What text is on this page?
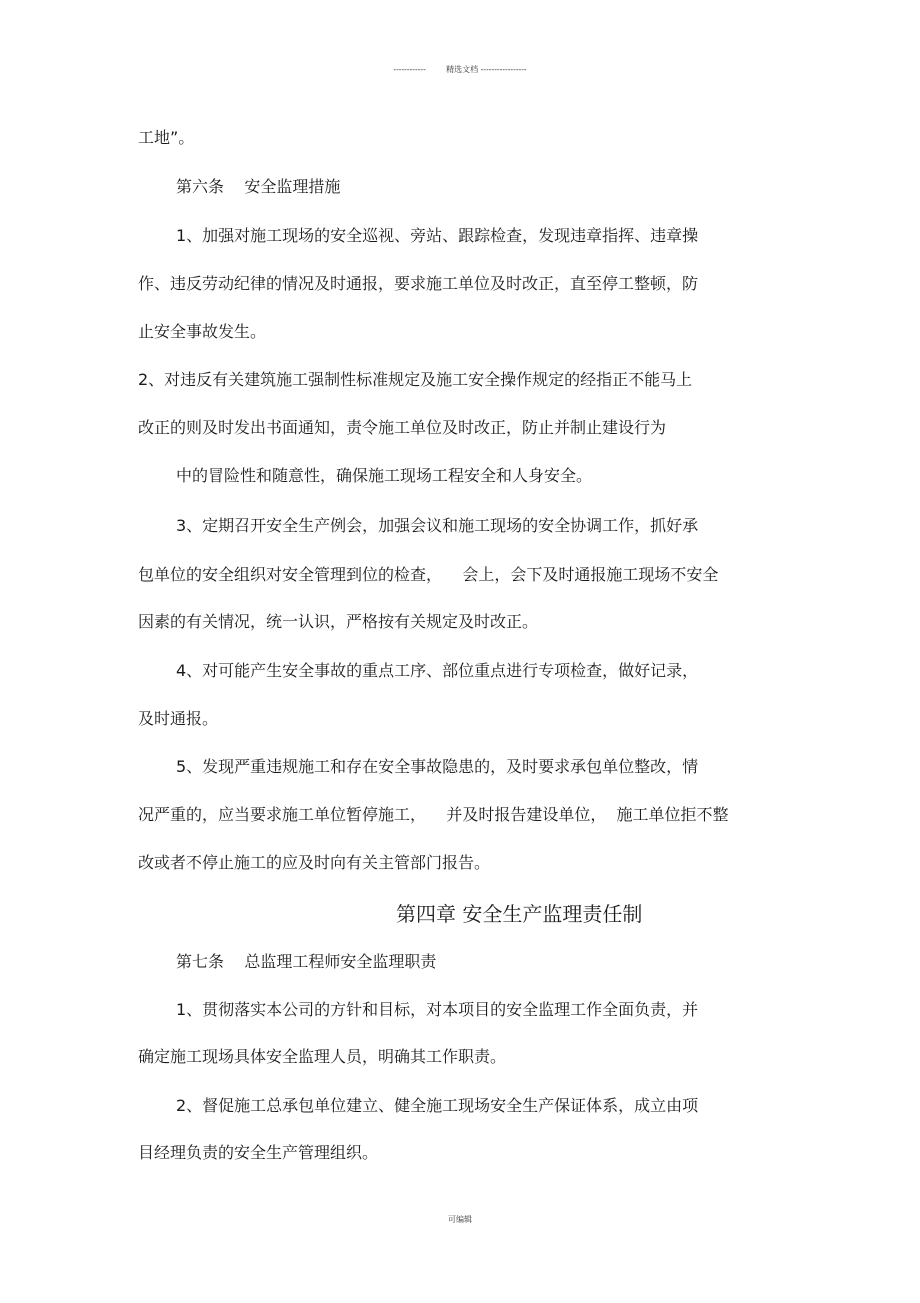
------------        精选文档 -----------------
工地”。
第六条    安全监理措施
1、加强对施工现场的安全巡视、旁站、跟踪检查，发现违章指挥、违章操
作、违反劳动纪律的情况及时通报，要求施工单位及时改正，直至停工整顿，防
止安全事故发生。
2、对违反有关建筑施工强制性标准规定及施工安全操作规定的经指正不能马上
改正的则及时发出书面通知，责令施工单位及时改正，防止并制止建设行为
中的冒险性和随意性，确保施工现场工程安全和人身安全。
3、定期召开安全生产例会，加强会议和施工现场的安全协调工作，抓好承
包单位的安全组织对安全管理到位的检查，    会上，会下及时通报施工现场不安全
因素的有关情况，统一认识，严格按有关规定及时改正。
4、对可能产生安全事故的重点工序、部位重点进行专项检查，做好记录，
及时通报。
5、发现严重违规施工和存在安全事故隐患的，及时要求承包单位整改，情
况严重的，应当要求施工单位暂停施工，    并及时报告建设单位，  施工单位拒不整
改或者不停止施工的应及时向有关主管部门报告。
第四章 安全生产监理责任制
第七条    总监理工程师安全监理职责
1、贯彻落实本公司的方针和目标，对本项目的安全监理工作全面负责，并
确定施工现场具体安全监理人员，明确其工作职责。
2、督促施工总承包单位建立、健全施工现场安全生产保证体系，成立由项
目经理负责的安全生产管理组织。
可编辑
